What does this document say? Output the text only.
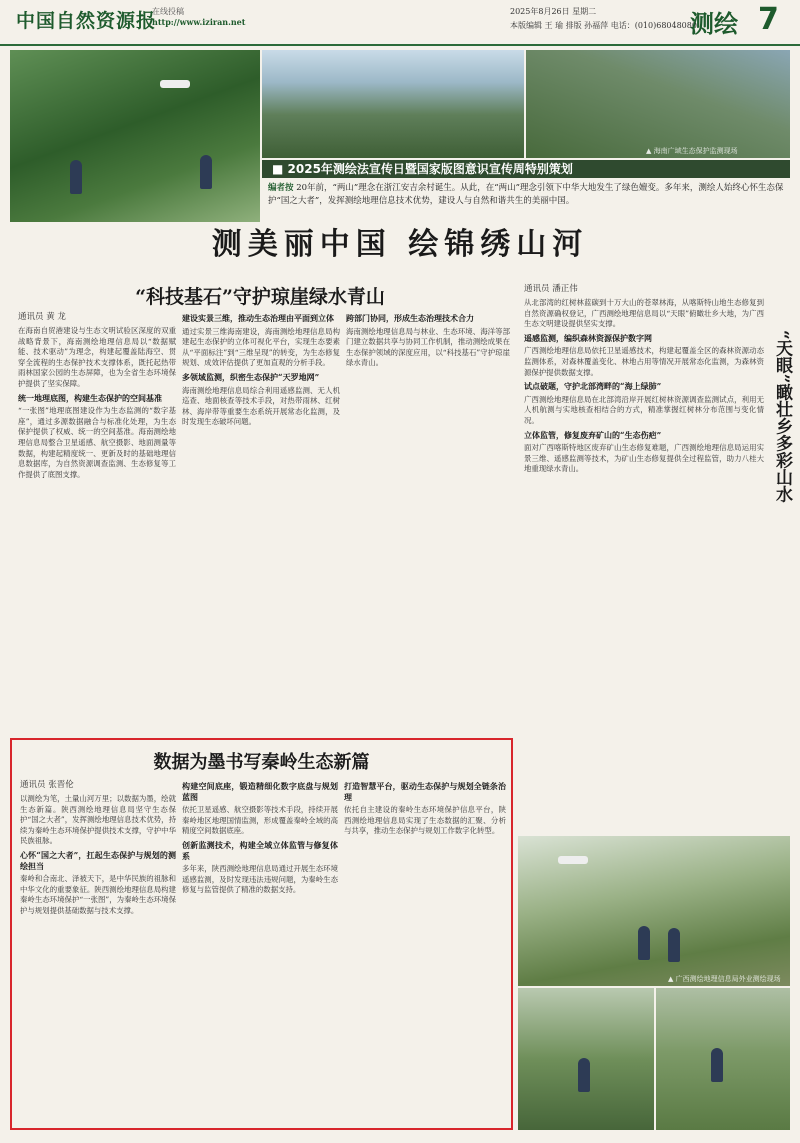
中国自然资源报
在线投稿
http://www.iziran.net
2025年8月26日 星期二
本版编辑 王 瑜 排版 孙福萍 电话：(010)68048080
测绘 7
▲ 海南广域生态保护监测现场
■ 2025年测绘法宣传日暨国家版图意识宣传周特别策划
编者按 20年前，“两山”理念在浙江安吉余村诞生。从此，在“两山”理念引领下中华大地发生了绿色嬗变。多年来，测绘人始终心怀生态保护“国之大者”，发挥测绘地理信息技术优势，建设人与自然和谐共生的美丽中国。
测美丽中国 绘锦绣山河
“科技基石”守护琼崖绿水青山
通讯员 黄 龙
在海南自贸港建设与生态文明试验区深度的双重战略背景下，海南测绘地理信息局以“数据赋能、技术驱动”为理念，构建起覆盖陆海空、贯穿全流程的生态保护技术支撑体系，既托起热带雨林国家公园的生态屏障，也为全省生态环境保护提供了坚实保障。
统一地理底图，构建生态保护的空间基准
“一张图”地理底图建设作为生态监测的“数字基座”，通过多源数据融合与标准化处理，为生态保护提供了权威、统一的空间基准。海南测绘地理信息局整合卫星遥感、航空摄影、地面测量等数据，构建起精度统一、更新及时的基础地理信息数据库，为自然资源调查监测、生态修复等工作提供了底图支撑。
建设实景三维，推动生态治理由平面到立体
通过实景三维海南建设，海南测绘地理信息局构建起生态保护的立体可视化平台，实现生态要素从“平面标注”到“三维呈现”的转变，为生态修复规划、成效评估提供了更加直观的分析手段。
多领域监测，织密生态保护“天罗地网”
海南测绘地理信息局综合利用遥感监测、无人机巡查、地面核查等技术手段，对热带雨林、红树林、海岸带等重要生态系统开展常态化监测，及时发现生态破坏问题。
跨部门协同，形成生态治理技术合力
海南测绘地理信息局与林业、生态环境、海洋等部门建立数据共享与协同工作机制，推动测绘成果在生态保护领域的深度应用，以“科技基石”守护琼崖绿水青山。
数据为墨书写秦岭生态新篇
通讯员 张晋伦
以测绘为笔，土量山河万里；以数据为墨，绘就生态新篇。陕西测绘地理信息局坚守生态保护“国之大者”，发挥测绘地理信息技术优势，持续为秦岭生态环境保护提供技术支撑，守护中华民族祖脉。
心怀“国之大者”，扛起生态保护与规划的测绘担当
秦岭和合南北、泽被天下，是中华民族的祖脉和中华文化的重要象征。陕西测绘地理信息局构建秦岭生态环境保护“一张图”，为秦岭生态环境保护与规划提供基础数据与技术支撑。
构建空间底座，锻造精细化数字底盘与规划蓝图
依托卫星遥感、航空摄影等技术手段，持续开展秦岭地区地理国情监测，形成覆盖秦岭全域的高精度空间数据底座。
创新监测技术，构建全域立体监管与修复体系
多年来，陕西测绘地理信息局通过开展生态环境遥感监测，及时发现违法违规问题，为秦岭生态修复与监管提供了精准的数据支持。
打造智慧平台，驱动生态保护与规划全链条治理
依托自主建设的秦岭生态环境保护信息平台，陕西测绘地理信息局实现了生态数据的汇聚、分析与共享，推动生态保护与规划工作数字化转型。
“天眼”瞰壮乡多彩山水
通讯员 潘正伟
从北部湾的红树林蓝碳到十万大山的苍翠林海，从喀斯特山地生态修复到自然资源确权登记，广西测绘地理信息局以“天眼”俯瞰壮乡大地，为广西生态文明建设提供坚实支撑。
遥感监测，编织森林资源保护数字网
广西测绘地理信息局依托卫星遥感技术，构建起覆盖全区的森林资源动态监测体系，对森林覆盖变化、林地占用等情况开展常态化监测，为森林资源保护提供数据支撑。
试点破题，守护北部湾畔的“海上绿肺”
广西测绘地理信息局在北部湾沿岸开展红树林资源调查监测试点，利用无人机航测与实地核查相结合的方式，精准掌握红树林分布范围与变化情况。
立体监管，修复废弃矿山的“生态伤疤”
面对广西喀斯特地区废弃矿山生态修复难题，广西测绘地理信息局运用实景三维、遥感监测等技术，为矿山生态修复提供全过程监管，助力八桂大地重现绿水青山。
▲ 广西测绘地理信息局外业测绘现场
